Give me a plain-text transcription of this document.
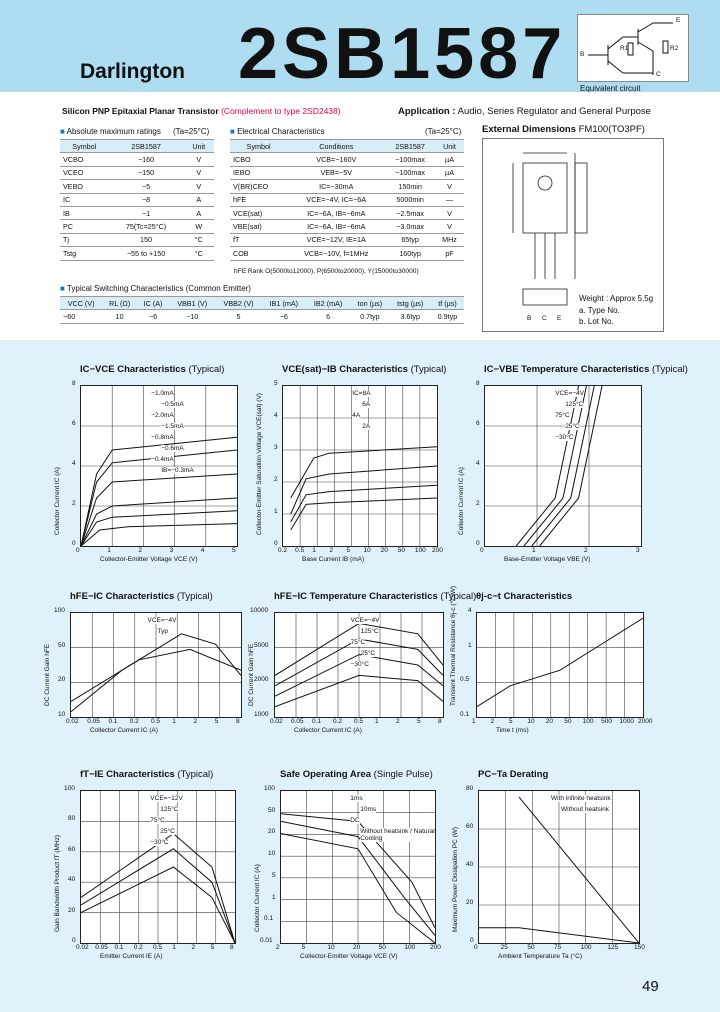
Darlington 2SB1587 B
C
E
R1	R2
Equivalent circuit
Silicon PNP Epitaxial Planar Transistor (Complement to type 2SD2438)	Application : Audio, Series Regulator and General Purpose
External Dimensions FM100(TO3PF)
■ Absolute maximum ratings (Ta=25°C)
Symbol	2SB1587	Unit
VCBO	−160	V
VCEO	−150	V
VEBO	−5	V
IC	−8	A
IB	−1	A
PC	75(Tc=25°C)	W
Tj	150	°C
Tstg	−55 to +150	°C
■ Electrical Characteristics	(Ta=25°C)
Symbol	Conditions	2SB1587	Unit
ICBO	VCB=−160V	−100max	µA
IEBO	VEB=−5V	−100max	µA
V(BR)CEO	IC=−30mA	150min	V
hFE	VCE=−4V, IC=−6A	5000min	—
VCE(sat)	IC=−6A, IB=−6mA	−2.5max	V
VBE(sat)	IC=−6A, IB=−6mA	−3.0max	V
fT	VCE=−12V, IE=1A	65typ	MHz
COB	VCB=−10V, f=1MHz	160typ	pF
hFE Rank O(5000to12000), P(6500to20000), Y(15000to30000)
■ Typical Switching Characteristics (Common Emitter)
VCC (V)	RL (Ω)	IC (A)	VBB1 (V)	VBB2 (V)	IB1 (mA)	IB2 (mA)	ton (µs)	tstg (µs)	tf (µs)
−60	10	−6	−10	5	−6	6	0.7typ	3.6typ	0.9typ	B C E
Weight : Approx 5.5g
a. Type No.
b. Lot No.
IC−VCE Characteristics (Typical)
−1.0mA
−0.5mA
−2.0mA
−1.5mA
−0.8mA
−0.6mA
−0.4mA
IB=−0.3mA
0	1	2	3	4	5
0
2
4
6
8
Collector-Emitter Voltage VCE (V)
Collector Current IC (A)
VCE(sat)−IB Characteristics (Typical)
IC=8A
6A
4A
2A
0.2 0.5 1 2 5 10 20 50 100 200
0
1
2
3
4
5
Base Current IB (mA)
Collector-Emitter Saturation Voltage VCE(sat) (V)
IC−VBE Temperature Characteristics (Typical)
VCE=−4V
125°C
75°C
25°C
−30°C
0	1	2	3
0
2
4
6
8
Base-Emitter Voltage VBE (V)
Collector Current IC (A)
hFE−IC Characteristics (Typical)
VCE=−4V
Typ
0.02 0.05 0.1 0.2 0.5 1	2	5	8
10
20
50
100
Collector Current IC (A)
DC Current Gain hFE
hFE−IC Temperature Characteristics (Typical)
VCE=−4V
125°C
75°C
25°C
−30°C
0.02 0.05 0.1 0.2 0.5 1	2	5	8
1000
2000
5000
10000
Collector Current IC (A)
DC Current Gain hFE
θj-c−t Characteristics
1 2 5 10 20 50 100 500 1000 2000
0.1
0.5
1
4
Time t (ms)
Transient Thermal Resistance θj-c (°C/W)
fT−IE Characteristics (Typical)
VCE=−12V
125°C
75°C
25°C
−30°C
0.02 0.05 0.1 0.2 0.5 1 2 5 8
0
20
40
60
80
100
Emitter Current IE (A)
Gain Bandwidth Product fT (MHz)
Safe Operating Area (Single Pulse)
1ms
10ms
DC
Without heatsink / Natural Cooling
2	5	10	20	50	100 200
0.01
0.1
1
5
10
20
50
100
Collector-Emitter Voltage VCE (V)
Collector Current IC (A)
PC−Ta Derating
With infinite heatsink
Without heatsink
0	25	50	75	100 125 150
0
20
40
60
80
Ambient Temperature Ta (°C)
Maximum Power Dissipation PC (W)
49
